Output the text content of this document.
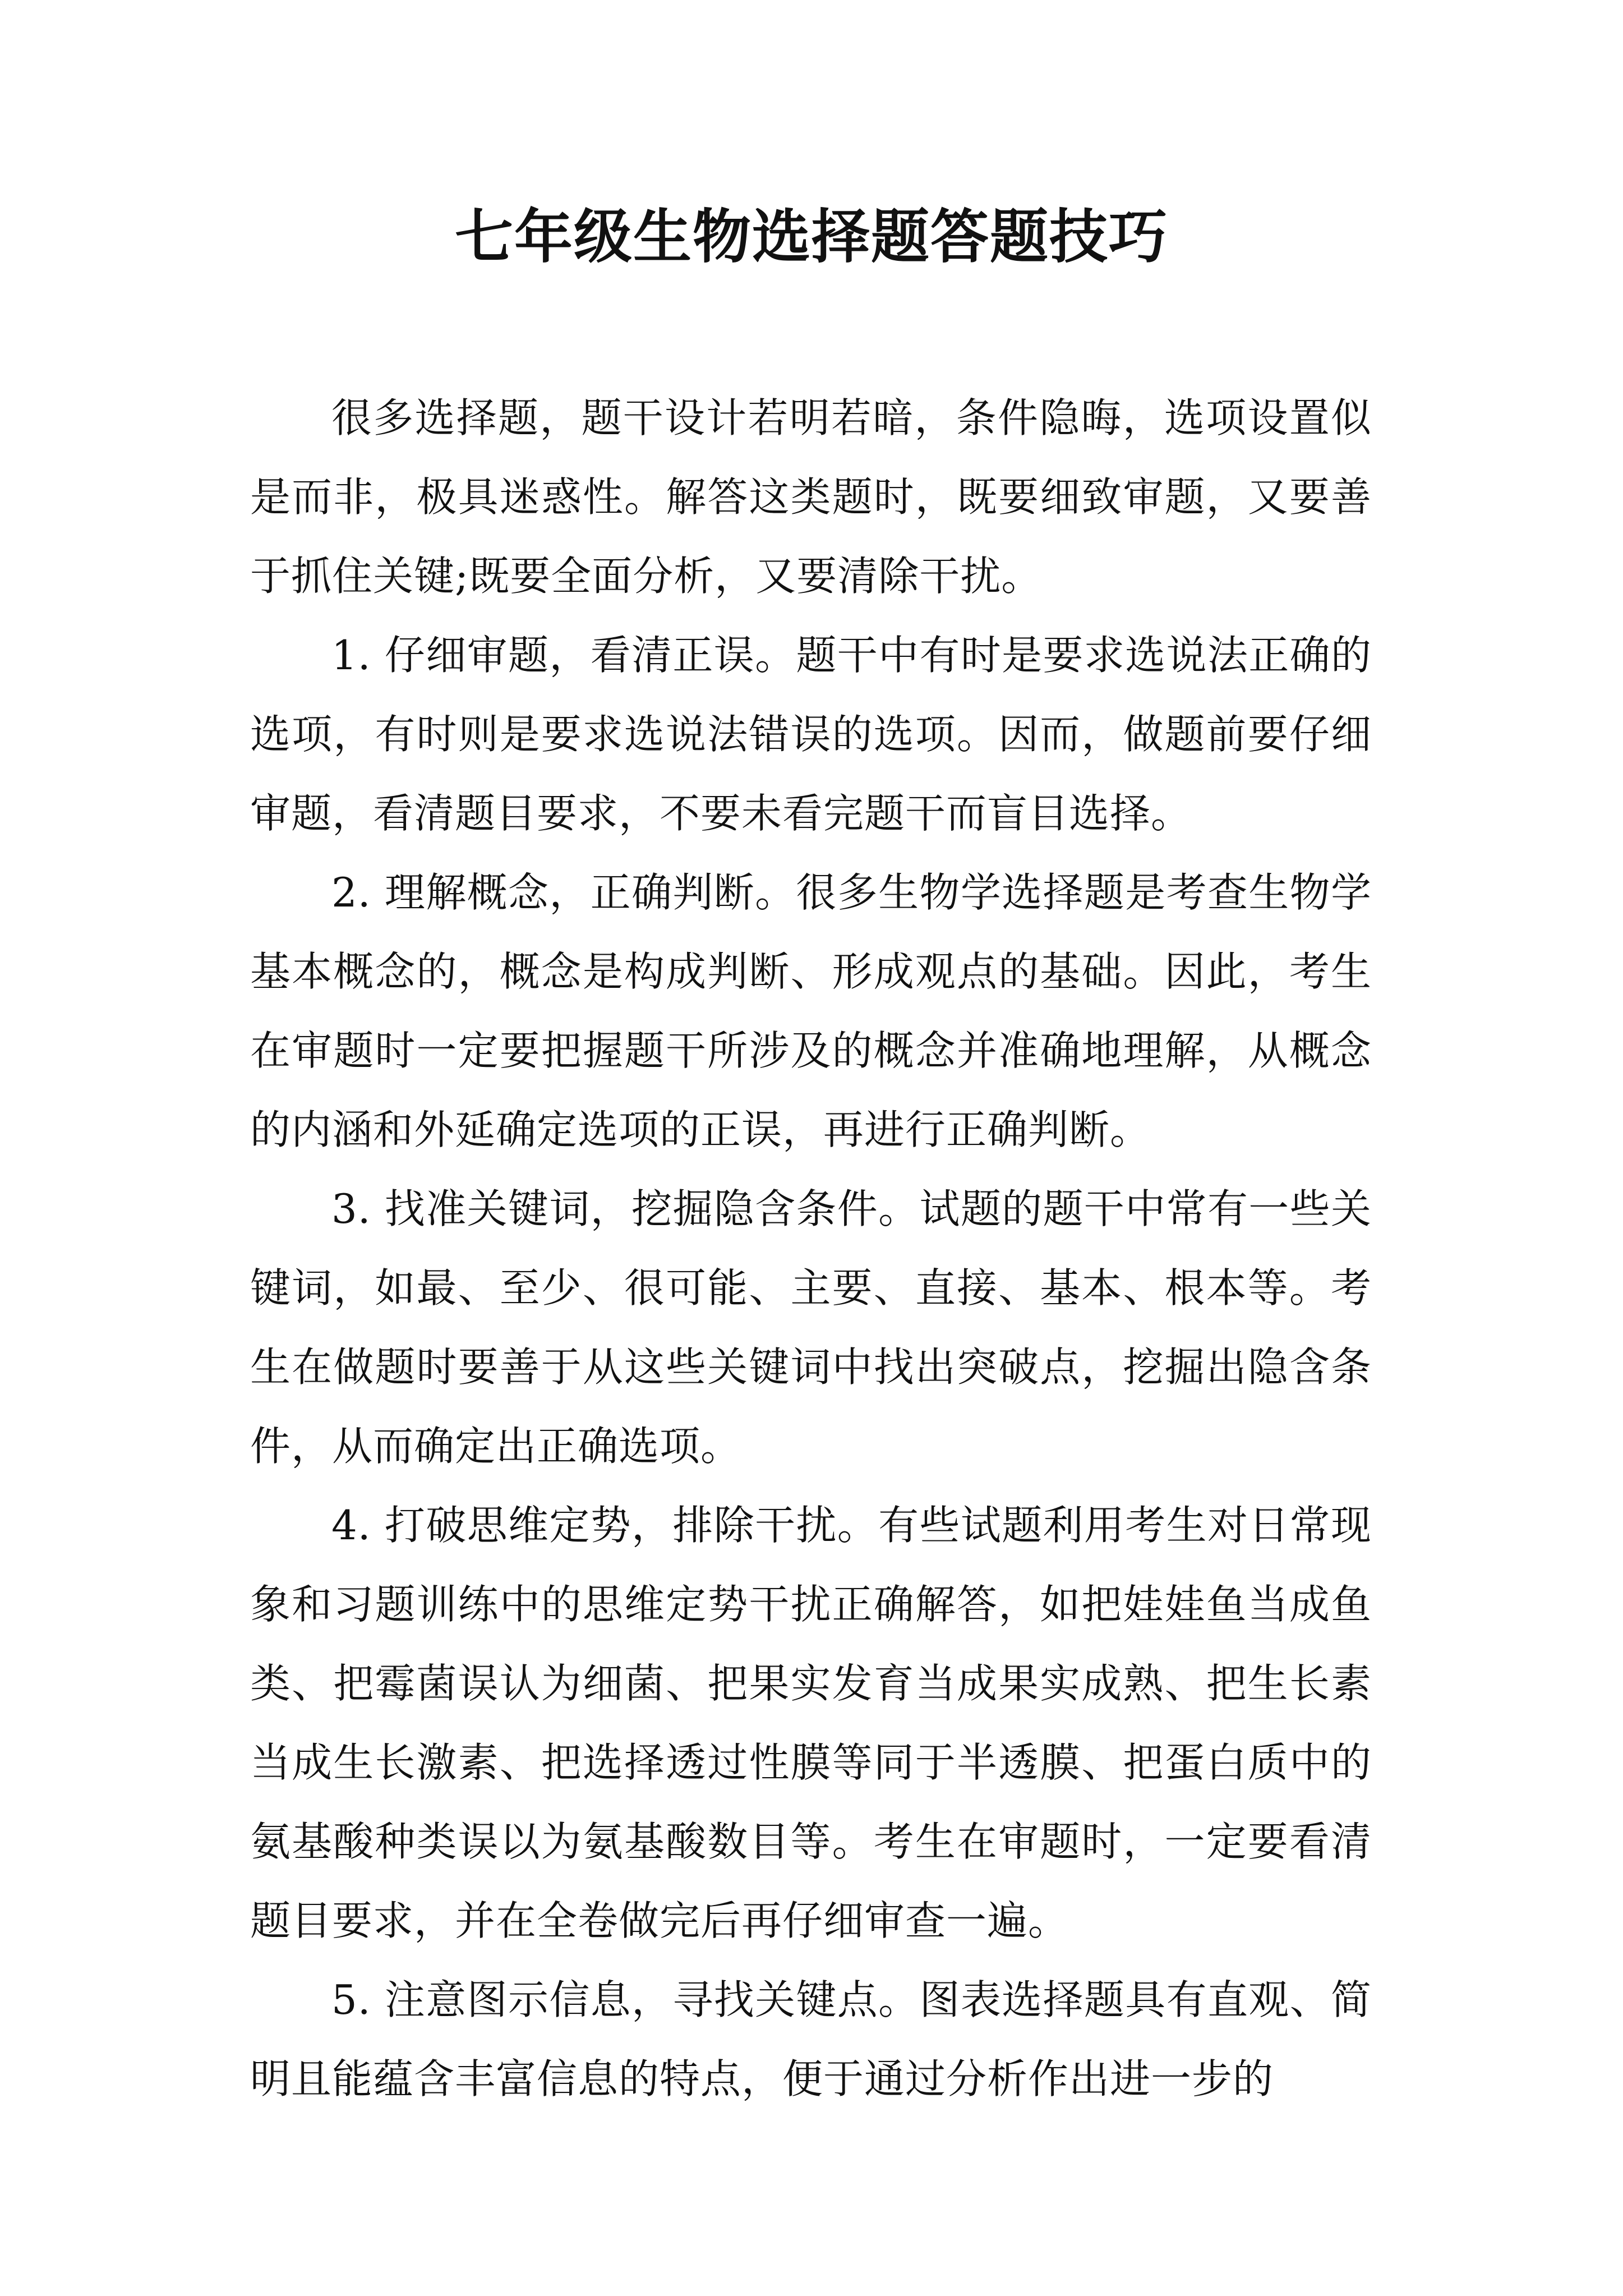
七年级生物选择题答题技巧

很多选择题，题干设计若明若暗，条件隐晦，选项设置似是而非，极具迷惑性。解答这类题时，既要细致审题，又要善于抓住关键;既要全面分析，又要清除干扰。

1. 仔细审题，看清正误。题干中有时是要求选说法正确的选项，有时则是要求选说法错误的选项。因而，做题前要仔细审题，看清题目要求，不要未看完题干而盲目选择。

2. 理解概念，正确判断。很多生物学选择题是考查生物学基本概念的，概念是构成判断、形成观点的基础。因此，考生在审题时一定要把握题干所涉及的概念并准确地理解，从概念的内涵和外延确定选项的正误，再进行正确判断。

3. 找准关键词，挖掘隐含条件。试题的题干中常有一些关键词，如最、至少、很可能、主要、直接、基本、根本等。考生在做题时要善于从这些关键词中找出突破点，挖掘出隐含条件，从而确定出正确选项。

4. 打破思维定势，排除干扰。有些试题利用考生对日常现象和习题训练中的思维定势干扰正确解答，如把娃娃鱼当成鱼类、把霉菌误认为细菌、把果实发育当成果实成熟、把生长素当成生长激素、把选择透过性膜等同于半透膜、把蛋白质中的氨基酸种类误以为氨基酸数目等。考生在审题时，一定要看清题目要求，并在全卷做完后再仔细审查一遍。

5. 注意图示信息，寻找关键点。图表选择题具有直观、简明且能蕴含丰富信息的特点，便于通过分析作出进一步的
